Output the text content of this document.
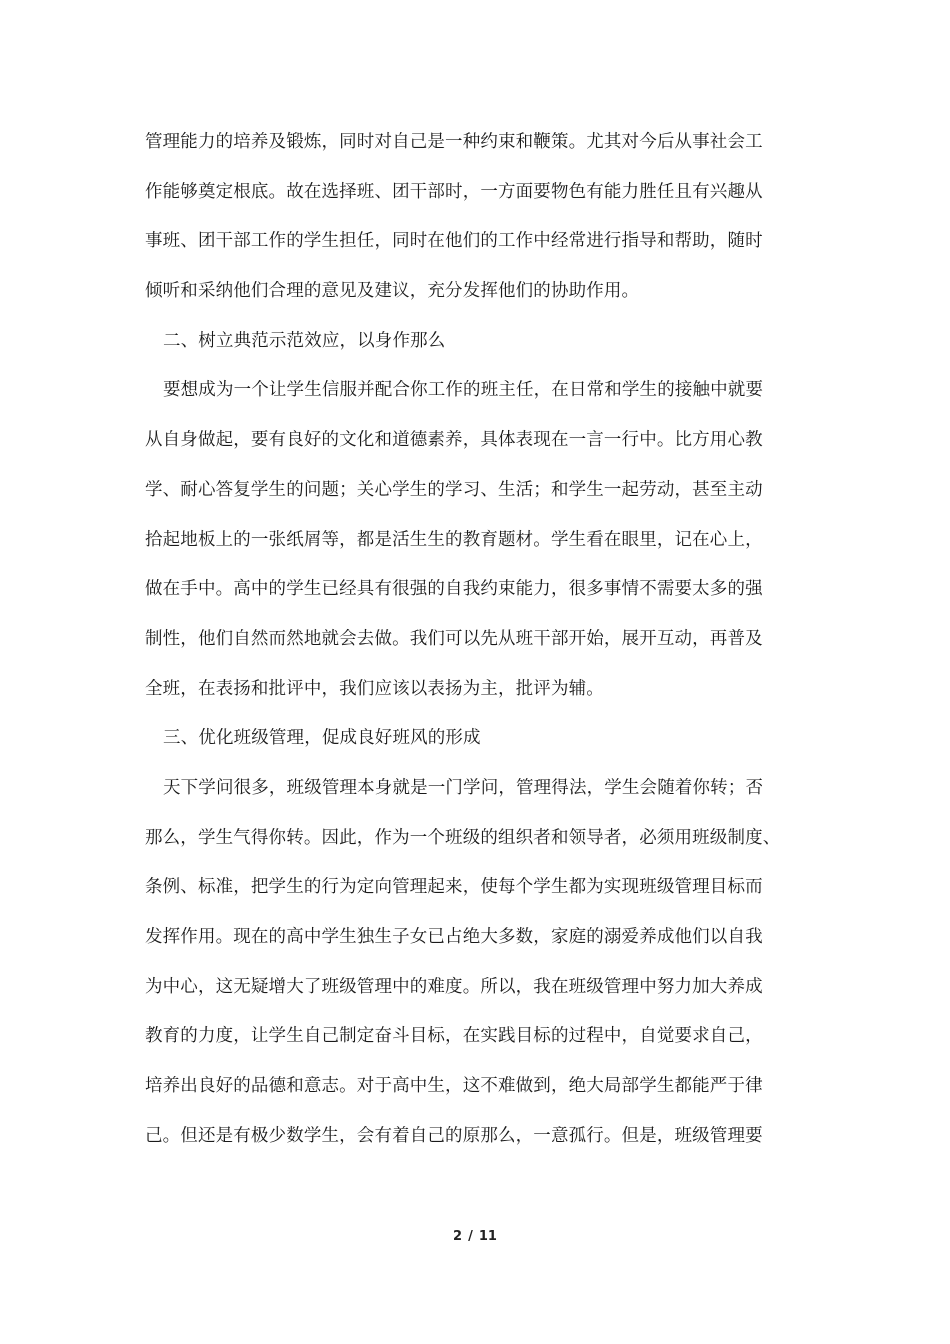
管理能力的培养及锻炼，同时对自己是一种约束和鞭策。尤其对今后从事社会工
作能够奠定根底。故在选择班、团干部时，一方面要物色有能力胜任且有兴趣从
事班、团干部工作的学生担任，同时在他们的工作中经常进行指导和帮助，随时
倾听和采纳他们合理的意见及建议，充分发挥他们的协助作用。
二、树立典范示范效应，以身作那么
要想成为一个让学生信服并配合你工作的班主任，在日常和学生的接触中就要
从自身做起，要有良好的文化和道德素养，具体表现在一言一行中。比方用心教
学、耐心答复学生的问题；关心学生的学习、生活；和学生一起劳动，甚至主动
拾起地板上的一张纸屑等，都是活生生的教育题材。学生看在眼里，记在心上，
做在手中。高中的学生已经具有很强的自我约束能力，很多事情不需要太多的强
制性，他们自然而然地就会去做。我们可以先从班干部开始，展开互动，再普及
全班，在表扬和批评中，我们应该以表扬为主，批评为辅。
三、优化班级管理，促成良好班风的形成
天下学问很多，班级管理本身就是一门学问，管理得法，学生会随着你转；否
那么，学生气得你转。因此，作为一个班级的组织者和领导者，必须用班级制度、
条例、标准，把学生的行为定向管理起来，使每个学生都为实现班级管理目标而
发挥作用。现在的高中学生独生子女已占绝大多数，家庭的溺爱养成他们以自我
为中心，这无疑增大了班级管理中的难度。所以，我在班级管理中努力加大养成
教育的力度，让学生自己制定奋斗目标，在实践目标的过程中，自觉要求自己，
培养出良好的品德和意志。对于高中生，这不难做到，绝大局部学生都能严于律
己。但还是有极少数学生，会有着自己的原那么，一意孤行。但是，班级管理要
2 / 11
